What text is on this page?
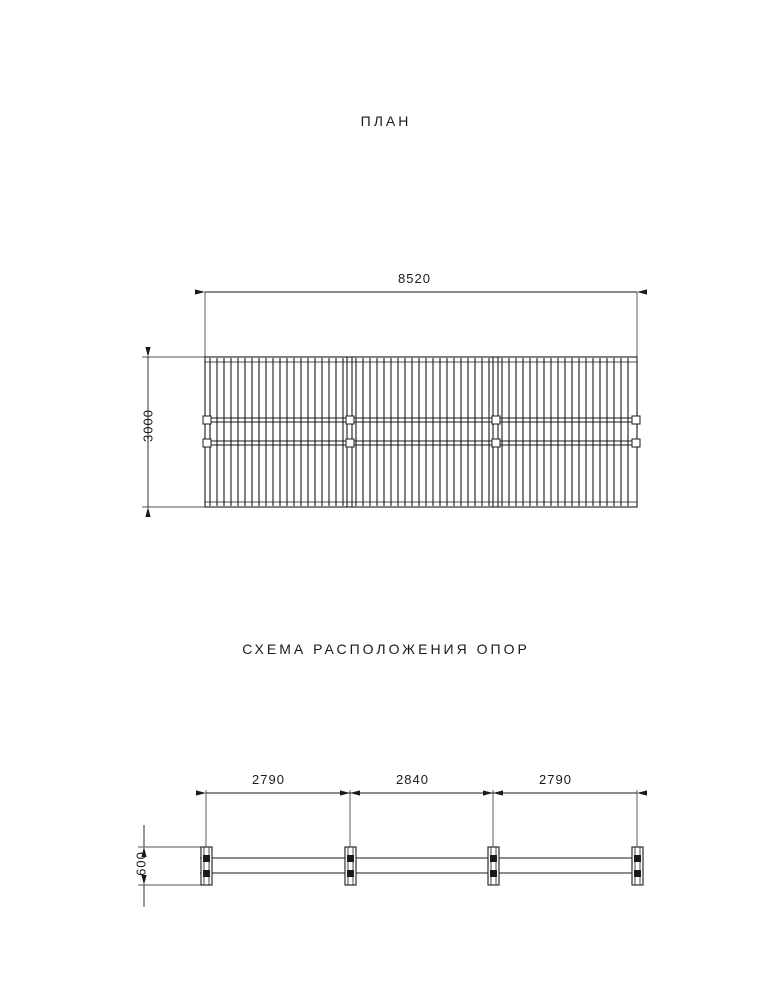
ПЛАН
СХЕМА РАСПОЛОЖЕНИЯ ОПОР
8520
3000
2790	2840	2790
600
